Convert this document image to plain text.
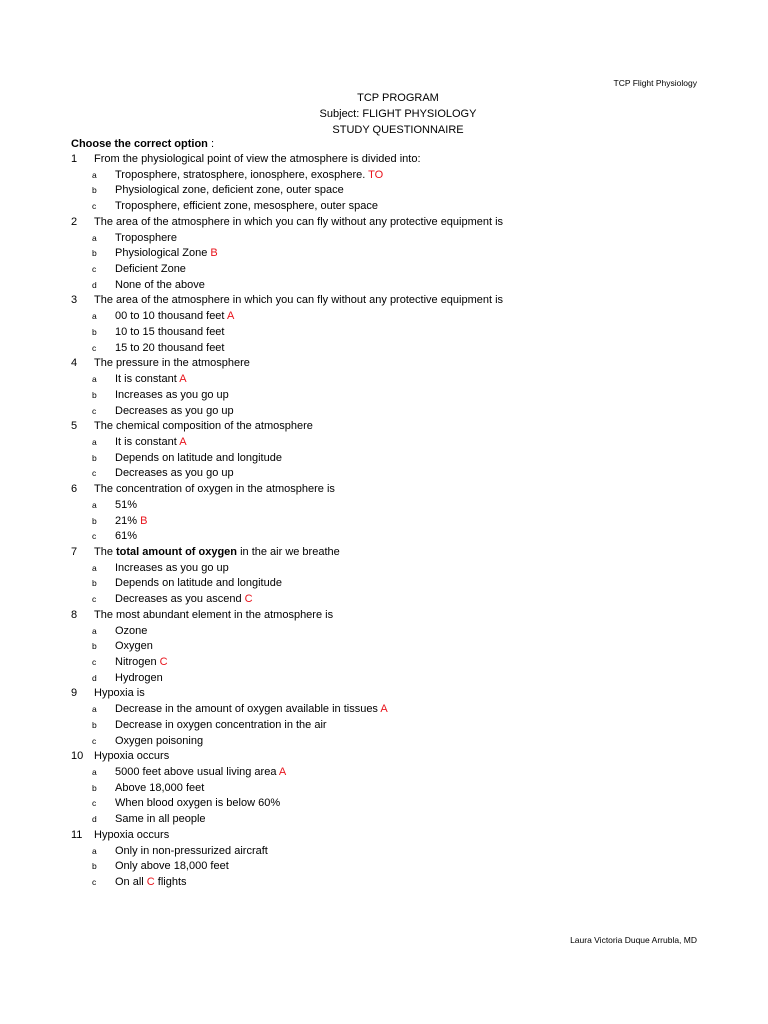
TCP Flight Physiology
TCP PROGRAM
Subject: FLIGHT PHYSIOLOGY
STUDY QUESTIONNAIRE
Choose the correct option :
1	From the physiological point of view the atmosphere is divided into:
a Troposphere, stratosphere, ionosphere, exosphere. TO
b Physiological zone, deficient zone, outer space
c Troposphere, efficient zone, mesosphere, outer space
2	The area of the atmosphere in which you can fly without any protective equipment is
a Troposphere
b Physiological Zone B
c Deficient Zone
d None of the above
3	The area of the atmosphere in which you can fly without any protective equipment is
a 00 to 10 thousand feet A
b 10 to 15 thousand feet
c 15 to 20 thousand feet
4	The pressure in the atmosphere
a It is constant A
b Increases as you go up
c Decreases as you go up
5	The chemical composition of the atmosphere
a It is constant A
b Depends on latitude and longitude
c Decreases as you go up
6	The concentration of oxygen in the atmosphere is
a 51%
b 21% B
c 61%
7	The total amount of oxygen in the air we breathe
a Increases as you go up
b Depends on latitude and longitude
c Decreases as you ascend C
8	The most abundant element in the atmosphere is
a Ozone
b Oxygen
c Nitrogen C
d Hydrogen
9	Hypoxia is
a Decrease in the amount of oxygen available in tissues A
b Decrease in oxygen concentration in the air
c Oxygen poisoning
10 Hypoxia occurs
a 5000 feet above usual living area A
b Above 18,000 feet
c When blood oxygen is below 60%
d Same in all people
11	Hypoxia occurs
a Only in non-pressurized aircraft
b Only above 18,000 feet
c On all C flights
Laura Victoria Duque Arrubla, MD
